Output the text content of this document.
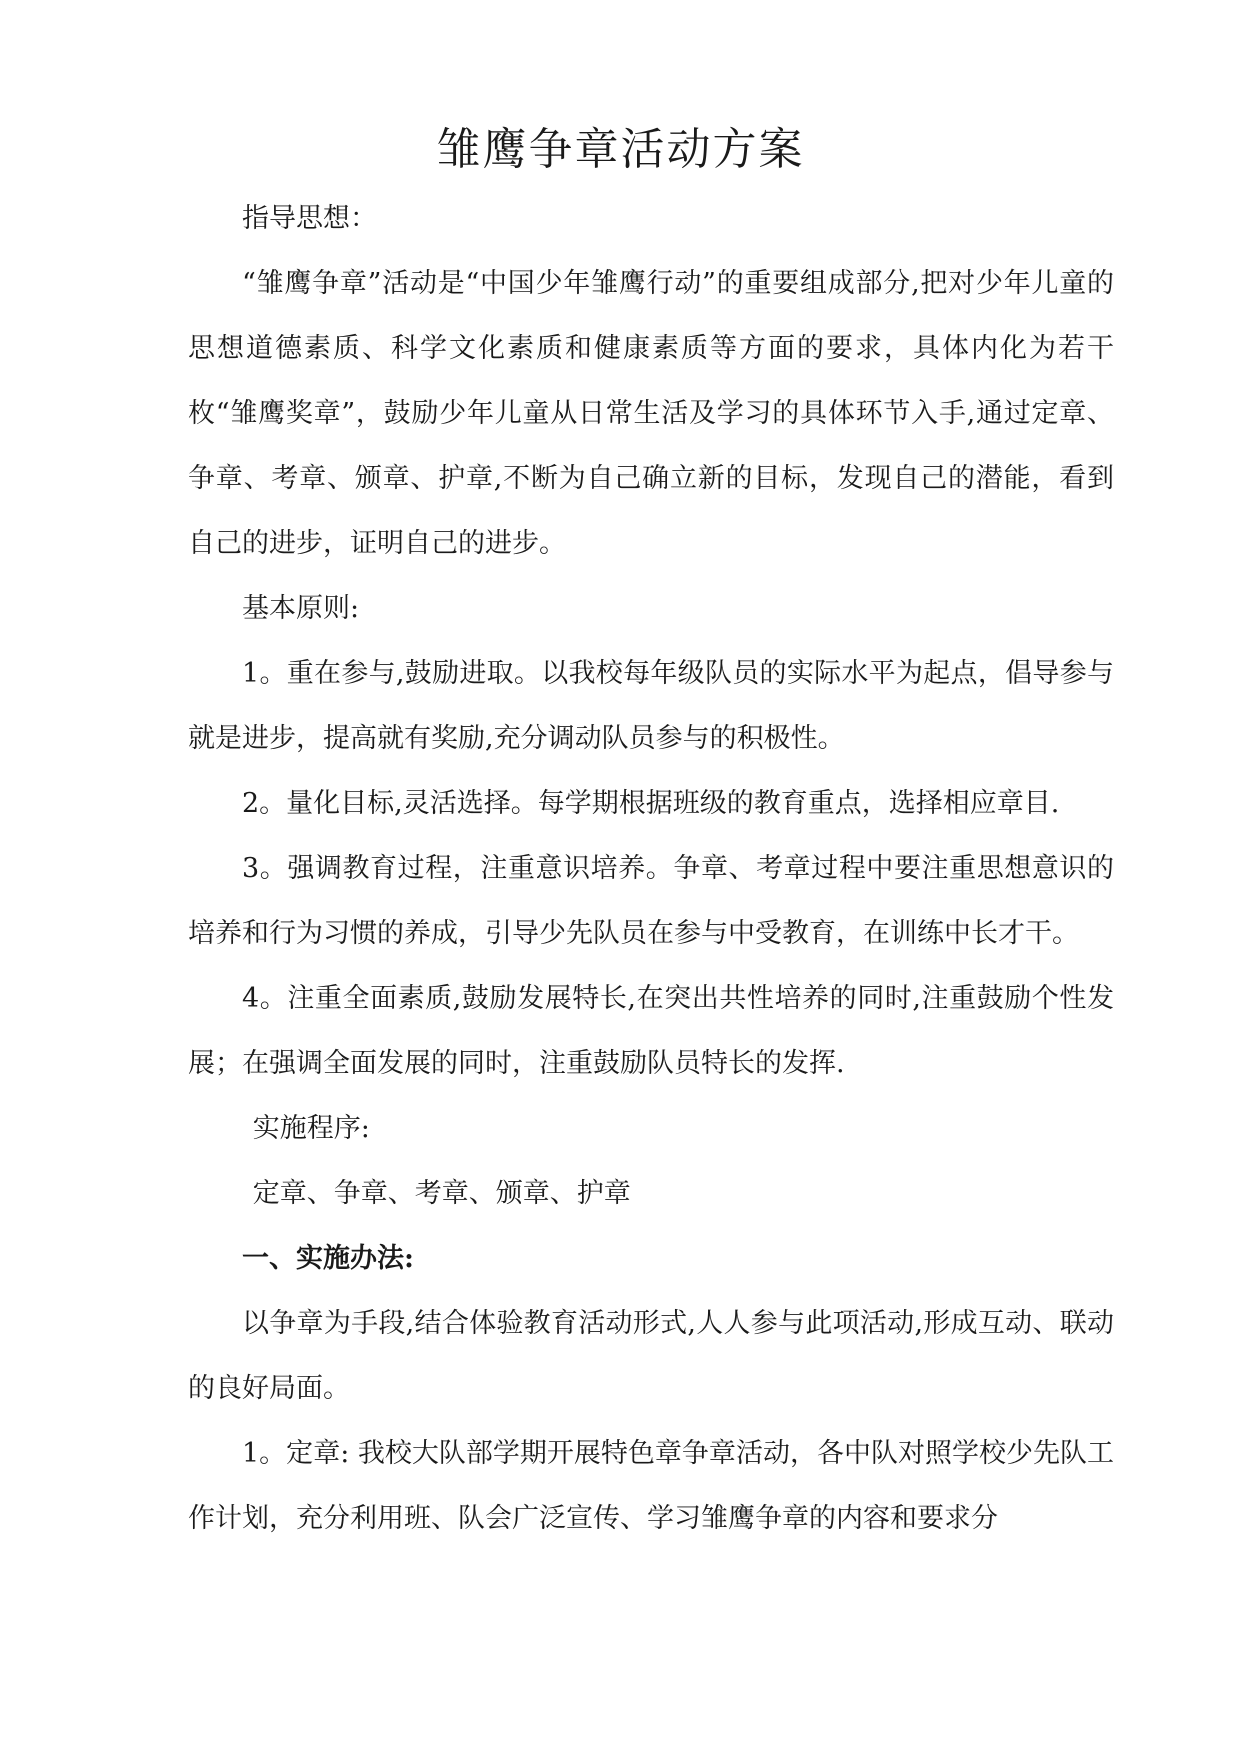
雏鹰争章活动方案

指导思想：

“雏鹰争章”活动是“中国少年雏鹰行动”的重要组成部分,把对少年儿童的思想道德素质、科学文化素质和健康素质等方面的要求，具体内化为若干枚“雏鹰奖章”，鼓励少年儿童从日常生活及学习的具体环节入手,通过定章、争章、考章、颁章、护章,不断为自己确立新的目标，发现自己的潜能，看到自己的进步，证明自己的进步。

基本原则:

1。重在参与,鼓励进取。以我校每年级队员的实际水平为起点，倡导参与就是进步，提高就有奖励,充分调动队员参与的积极性。

2。量化目标,灵活选择。每学期根据班级的教育重点，选择相应章目.

3。强调教育过程，注重意识培养。争章、考章过程中要注重思想意识的培养和行为习惯的养成，引导少先队员在参与中受教育，在训练中长才干。

4。注重全面素质,鼓励发展特长,在突出共性培养的同时,注重鼓励个性发展；在强调全面发展的同时，注重鼓励队员特长的发挥.

实施程序:

定章、争章、考章、颁章、护章

一、实施办法:

以争章为手段,结合体验教育活动形式,人人参与此项活动,形成互动、联动的良好局面。

1。定章: 我校大队部学期开展特色章争章活动，各中队对照学校少先队工作计划，充分利用班、队会广泛宣传、学习雏鹰争章的内容和要求分
